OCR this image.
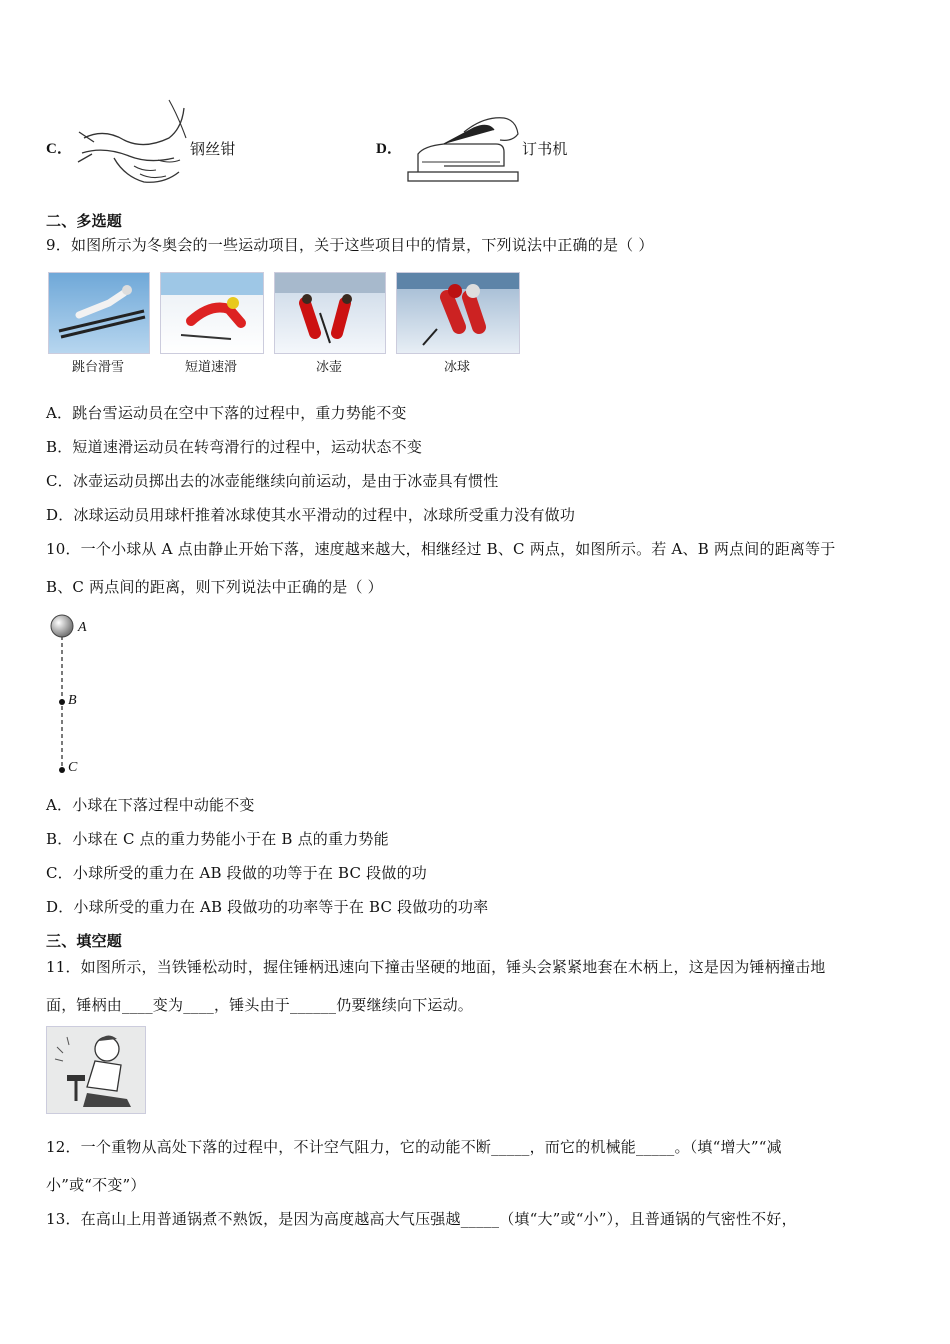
C．	钢丝钳	D．	订书机
二、多选题
9．如图所示为冬奥会的一些运动项目，关于这些项目中的情景，下列说法中正确的是（ ）
跳台滑雪	短道速滑	冰壶	冰球
A．跳台雪运动员在空中下落的过程中，重力势能不变
B．短道速滑运动员在转弯滑行的过程中，运动状态不变
C．冰壶运动员掷出去的冰壶能继续向前运动，是由于冰壶具有惯性
D．冰球运动员用球杆推着冰球使其水平滑动的过程中，冰球所受重力没有做功
10．一个小球从 A 点由静止开始下落，速度越来越大，相继经过 B、C 两点，如图所示。若 A、B 两点间的距离等于
B、C 两点间的距离，则下列说法中正确的是（ ）
A
B
C
A．小球在下落过程中动能不变
B．小球在 C 点的重力势能小于在 B 点的重力势能
C．小球所受的重力在 AB 段做的功等于在 BC 段做的功
D．小球所受的重力在 AB 段做功的功率等于在 BC 段做功的功率
三、填空题
11．如图所示，当铁锤松动时，握住锤柄迅速向下撞击坚硬的地面，锤头会紧紧地套在木柄上，这是因为锤柄撞击地
面，锤柄由____变为____，锤头由于______仍要继续向下运动。
12．一个重物从高处下落的过程中，不计空气阻力，它的动能不断_____，而它的机械能_____。（填“增大”“减
小”或“不变”）
13．在高山上用普通锅煮不熟饭，是因为高度越高大气压强越_____（填“大”或“小”），且普通锅的气密性不好，
